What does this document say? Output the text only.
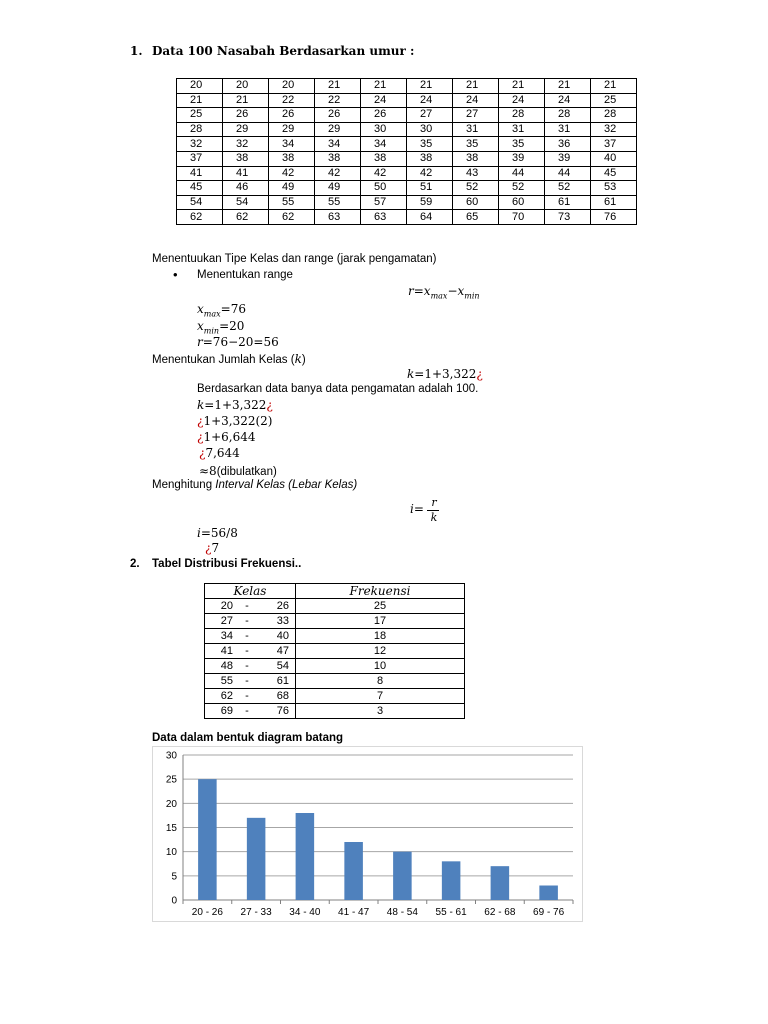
1. Data 100 Nasabah Berdasarkan umur :
20	20	20	21	21	21	21	21	21	21
21	21	22	22	24	24	24	24	24	25
25	26	26	26	26	27	27	28	28	28
28	29	29	29	30	30	31	31	31	32
32	32	34	34	34	35	35	35	36	37
37	38	38	38	38	38	38	39	39	40
41	41	42	42	42	42	43	44	44	45
45	46	49	49	50	51	52	52	52	53
54	54	55	55	57	59	60	60	61	61
62	62	62	63	63	64	65	70	73	76
Menentuukan Tipe Kelas dan range (jarak pengamatan)
• Menentukan range
$r=x_{max}-x_{min}$
$x_{max}=76$
$x_{min}=20$
r=76−20=56
Menentukan Jumlah Kelas (k)
k=1+3,322¿
Berdasarkan data banya data pengamatan adalah 100.
k=1+3,322¿
¿1+3,322(2)
¿1+6,644
¿7,644
≈8(dibulatkan)
Menghitung Interval Kelas (Lebar Kelas)
i= r
k
i=56/8
¿7
2. Tabel Distribusi Frekuensi..
Kelas	Frekuensi
20 - 26	25
27 - 33	17
34 - 40	18
41 - 47	12
48 - 54	10
55 - 61	8
62 - 68	7
69 - 76	3
Data dalam bentuk diagram batang
0
5
10
15
20
25
30
20 - 26 27 - 33 34 - 40 41 - 47 48 - 54 55 - 61 62 - 68 69 - 76
